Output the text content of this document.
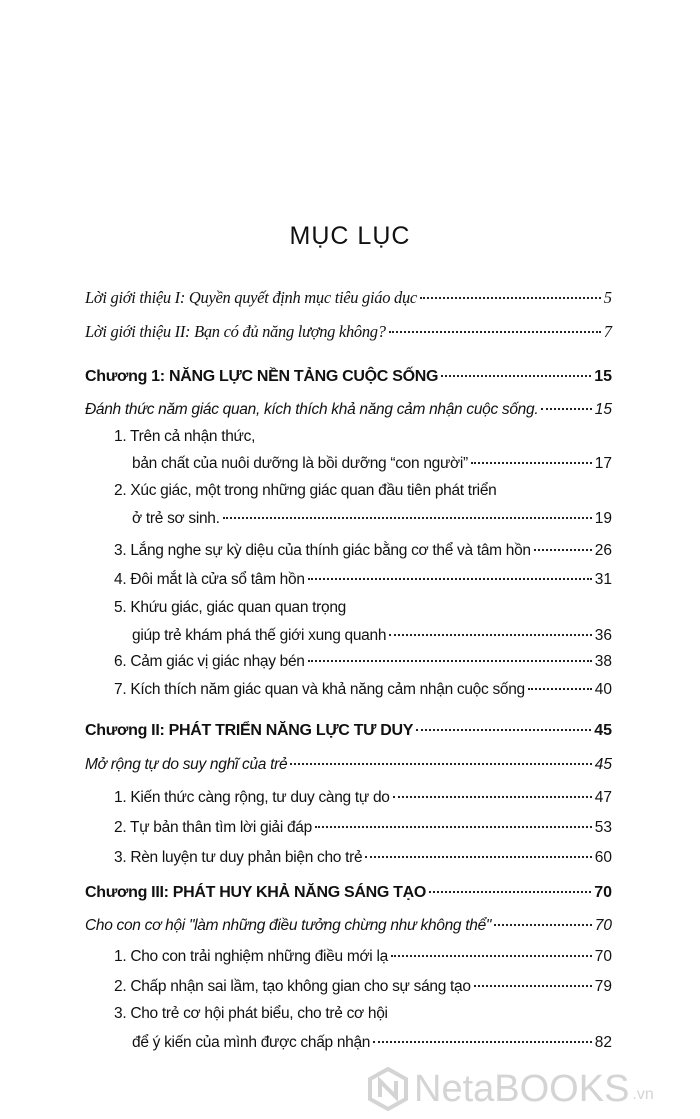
MỤC LỤC
Lời giới thiệu I: Quyền quyết định mục tiêu giáo dục	5
Lời giới thiệu II: Bạn có đủ năng lượng không?	7
Chương 1: NĂNG LỰC NỀN TẢNG CUỘC SỐNG	15
Đánh thức năm giác quan, kích thích khả năng cảm nhận cuộc sống.	15
1. Trên cả nhận thức,
bản chất của nuôi dưỡng là bồi dưỡng “con người”	17
2. Xúc giác, một trong những giác quan đầu tiên phát triển
ở trẻ sơ sinh.	19
3. Lắng nghe sự kỳ diệu của thính giác bằng cơ thể và tâm hồn	26
4. Đôi mắt là cửa sổ tâm hồn	31
5. Khứu giác, giác quan quan trọng
giúp trẻ khám phá thế giới xung quanh	36
6. Cảm giác vị giác nhạy bén	38
7. Kích thích năm giác quan và khả năng cảm nhận cuộc sống	40
Chương II: PHÁT TRIỂN NĂNG LỰC TƯ DUY	45
Mở rộng tự do suy nghĩ của trẻ	45
1. Kiến thức càng rộng, tư duy càng tự do	47
2. Tự bản thân tìm lời giải đáp	53
3. Rèn luyện tư duy phản biện cho trẻ	60
Chương III: PHÁT HUY KHẢ NĂNG SÁNG TẠO	70
Cho con cơ hội "làm những điều tưởng chừng như không thể"	70
1. Cho con trải nghiệm những điều mới lạ	70
2. Chấp nhận sai lầm, tạo không gian cho sự sáng tạo	79
3. Cho trẻ cơ hội phát biểu, cho trẻ cơ hội
để ý kiến của mình được chấp nhận	82
NetaBOOKS .vn
